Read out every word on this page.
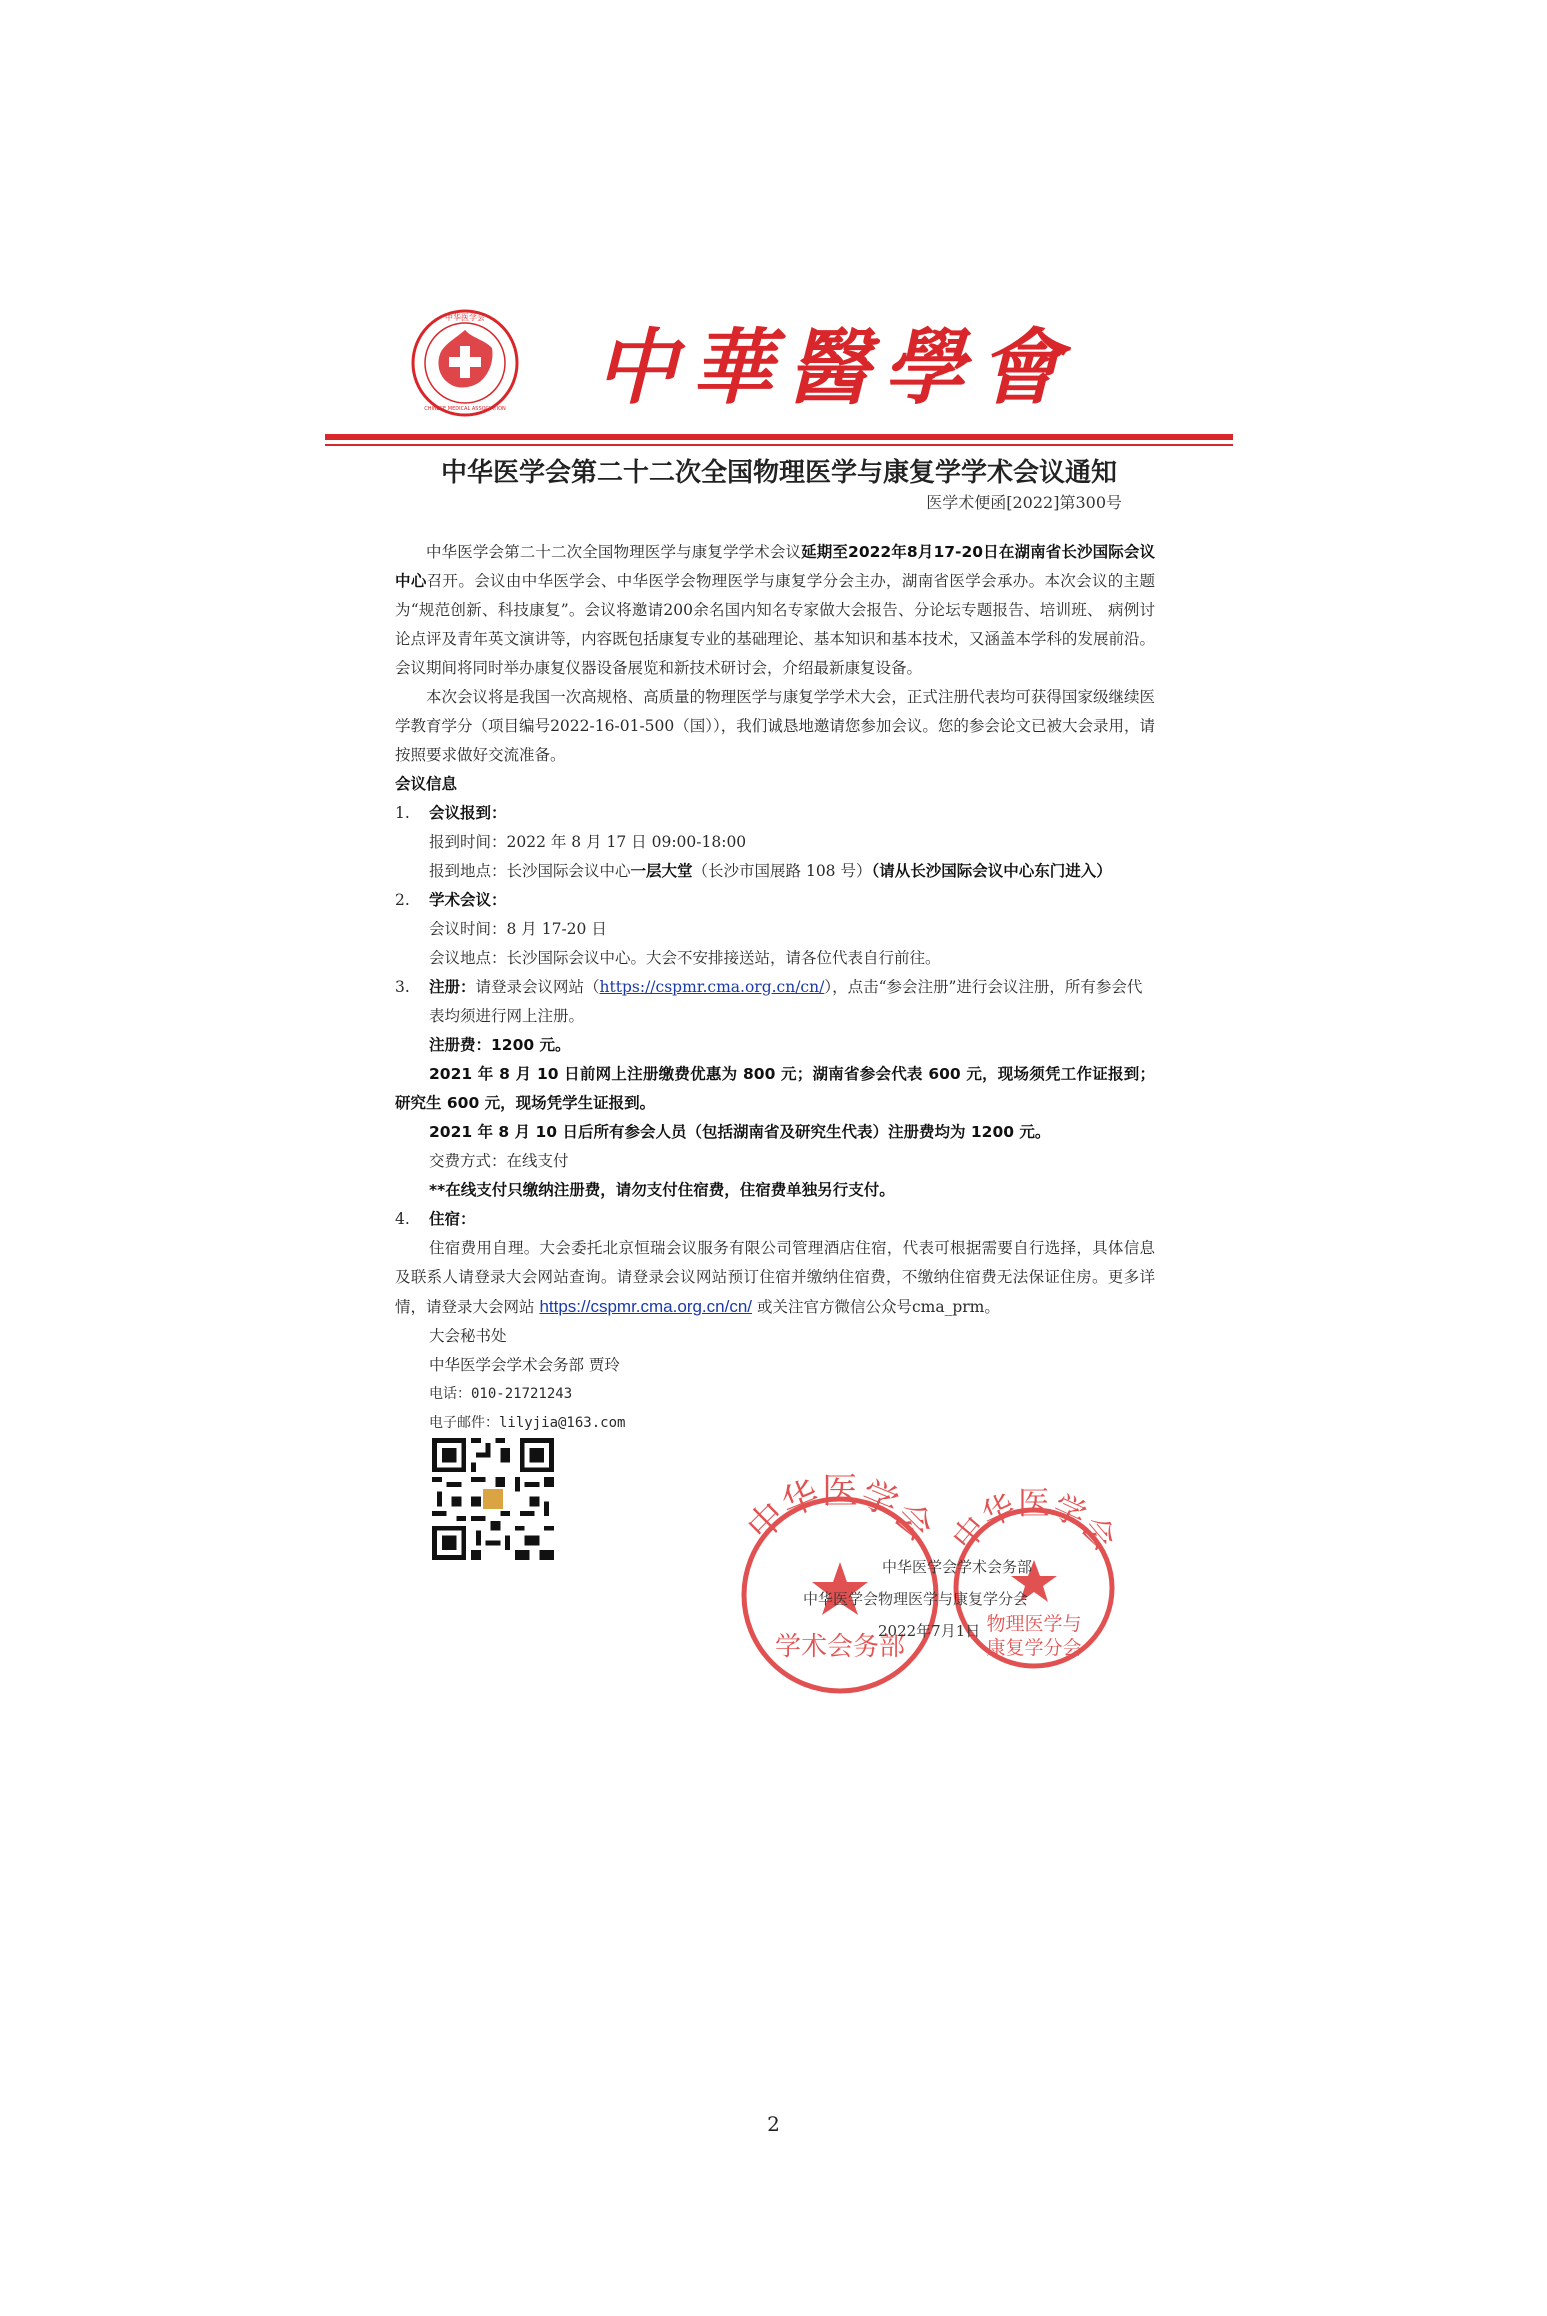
中华医学会
CHINESE MEDICAL ASSOCIATION 中華醫學會
中华医学会第二十二次全国物理医学与康复学学术会议通知
医学术便函[2022]第300号

中华医学会第二十二次全国物理医学与康复学学术会议延期至2022年8月17-20日在湖南省长沙国际会议中心召开。会议由中华医学会、中华医学会物理医学与康复学分会主办，湖南省医学会承办。本次会议的主题为“规范创新、科技康复”。会议将邀请200余名国内知名专家做大会报告、分论坛专题报告、培训班、 病例讨论点评及青年英文演讲等，内容既包括康复专业的基础理论、基本知识和基本技术，又涵盖本学科的发展前沿。会议期间将同时举办康复仪器设备展览和新技术研讨会，介绍最新康复设备。

本次会议将是我国一次高规格、高质量的物理医学与康复学学术大会，正式注册代表均可获得国家级继续医学教育学分（项目编号2022-16-01-500（国）），我们诚恳地邀请您参加会议。您的参会论文已被大会录用，请按照要求做好交流准备。

会议信息

1.	会议报到：

报到时间：2022 年 8 月 17 日 09:00-18:00

报到地点：长沙国际会议中心一层大堂（长沙市国展路 108 号）（请从长沙国际会议中心东门进入）

2.	学术会议：

会议时间：8 月 17-20 日

会议地点：长沙国际会议中心。大会不安排接送站，请各位代表自行前往。

3.	注册：请登录会议网站（https://cspmr.cma.org.cn/cn/），点击“参会注册”进行会议注册，所有参会代表均须进行网上注册。

注册费：1200 元。

2021 年 8 月 10 日前网上注册缴费优惠为 800 元；湖南省参会代表 600 元，现场须凭工作证报到；研究生 600 元，现场凭学生证报到。

2021 年 8 月 10 日后所有参会人员（包括湖南省及研究生代表）注册费均为 1200 元。

交费方式：在线支付

**在线支付只缴纳注册费，请勿支付住宿费，住宿费单独另行支付。

4.	住宿：

住宿费用自理。大会委托北京恒瑞会议服务有限公司管理酒店住宿，代表可根据需要自行选择，具体信息及联系人请登录大会网站查询。请登录会议网站预订住宿并缴纳住宿费，不缴纳住宿费无法保证住房。更多详情，请登录大会网站 https://cspmr.cma.org.cn/cn/ 或关注官方微信公众号cma_prm。

大会秘书处

中华医学会学术会务部 贾玲

电话：010-21721243

电子邮件：lilyjia@163.com

中华医学会
学术会务部
中华医学会
物理医学与
康复学分会
中华医学会学术会务部
中华医学会物理医学与康复学分会
2022年7月1日
2
